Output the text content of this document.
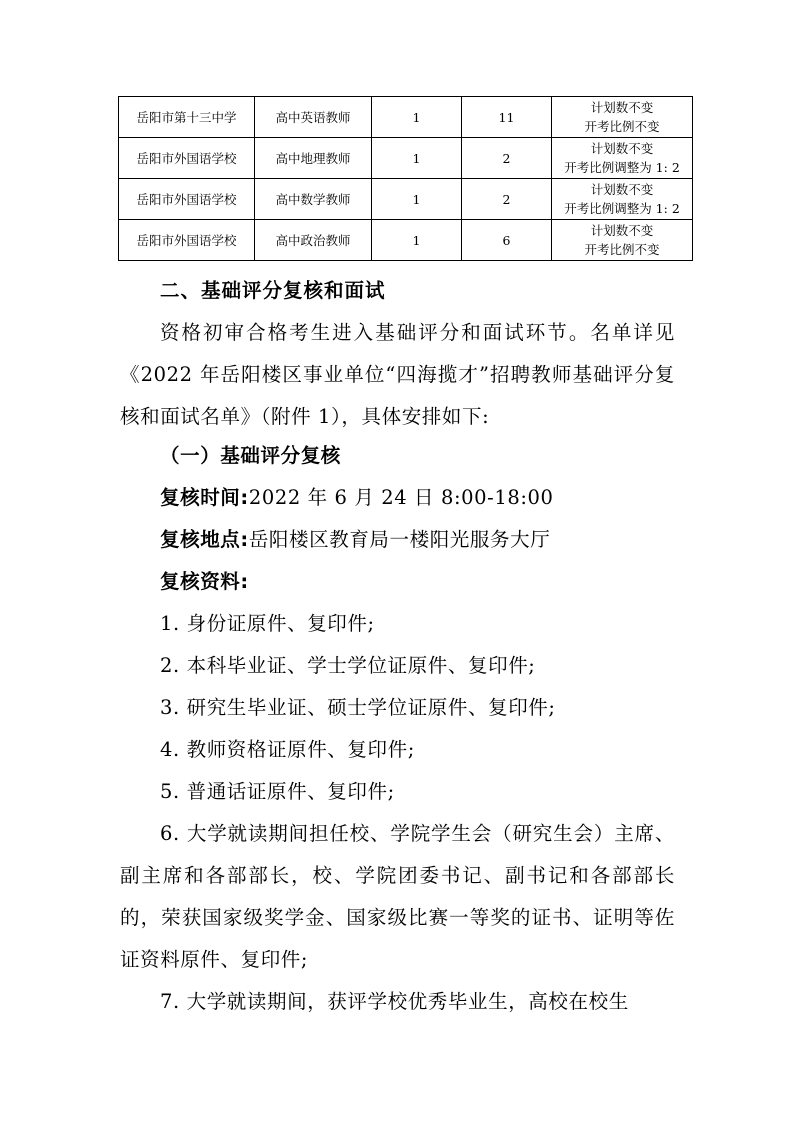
岳阳市第十三中学	高中英语教师	1	11	计划数不变
开考比例不变

岳阳市外国语学校	高中地理教师	1	2	计划数不变
开考比例调整为 1: 2

岳阳市外国语学校	高中数学教师	1	2	计划数不变
开考比例调整为 1: 2

岳阳市外国语学校	高中政治教师	1	6	计划数不变
开考比例不变

二、基础评分复核和面试

资格初审合格考生进入基础评分和面试环节。名单详见《2022 年岳阳楼区事业单位“四海揽才”招聘教师基础评分复核和面试名单》（附件 1），具体安排如下:

（一）基础评分复核

复核时间:2022 年 6 月 24 日 8:00-18:00

复核地点:岳阳楼区教育局一楼阳光服务大厅

复核资料:

1. 身份证原件、复印件;

2. 本科毕业证、学士学位证原件、复印件;

3. 研究生毕业证、硕士学位证原件、复印件;

4. 教师资格证原件、复印件;

5. 普通话证原件、复印件;

6. 大学就读期间担任校、学院学生会（研究生会）主席、副主席和各部部长，校、学院团委书记、副书记和各部部长的，荣获国家级奖学金、国家级比赛一等奖的证书、证明等佐证资料原件、复印件;

7. 大学就读期间，获评学校优秀毕业生，高校在校生
